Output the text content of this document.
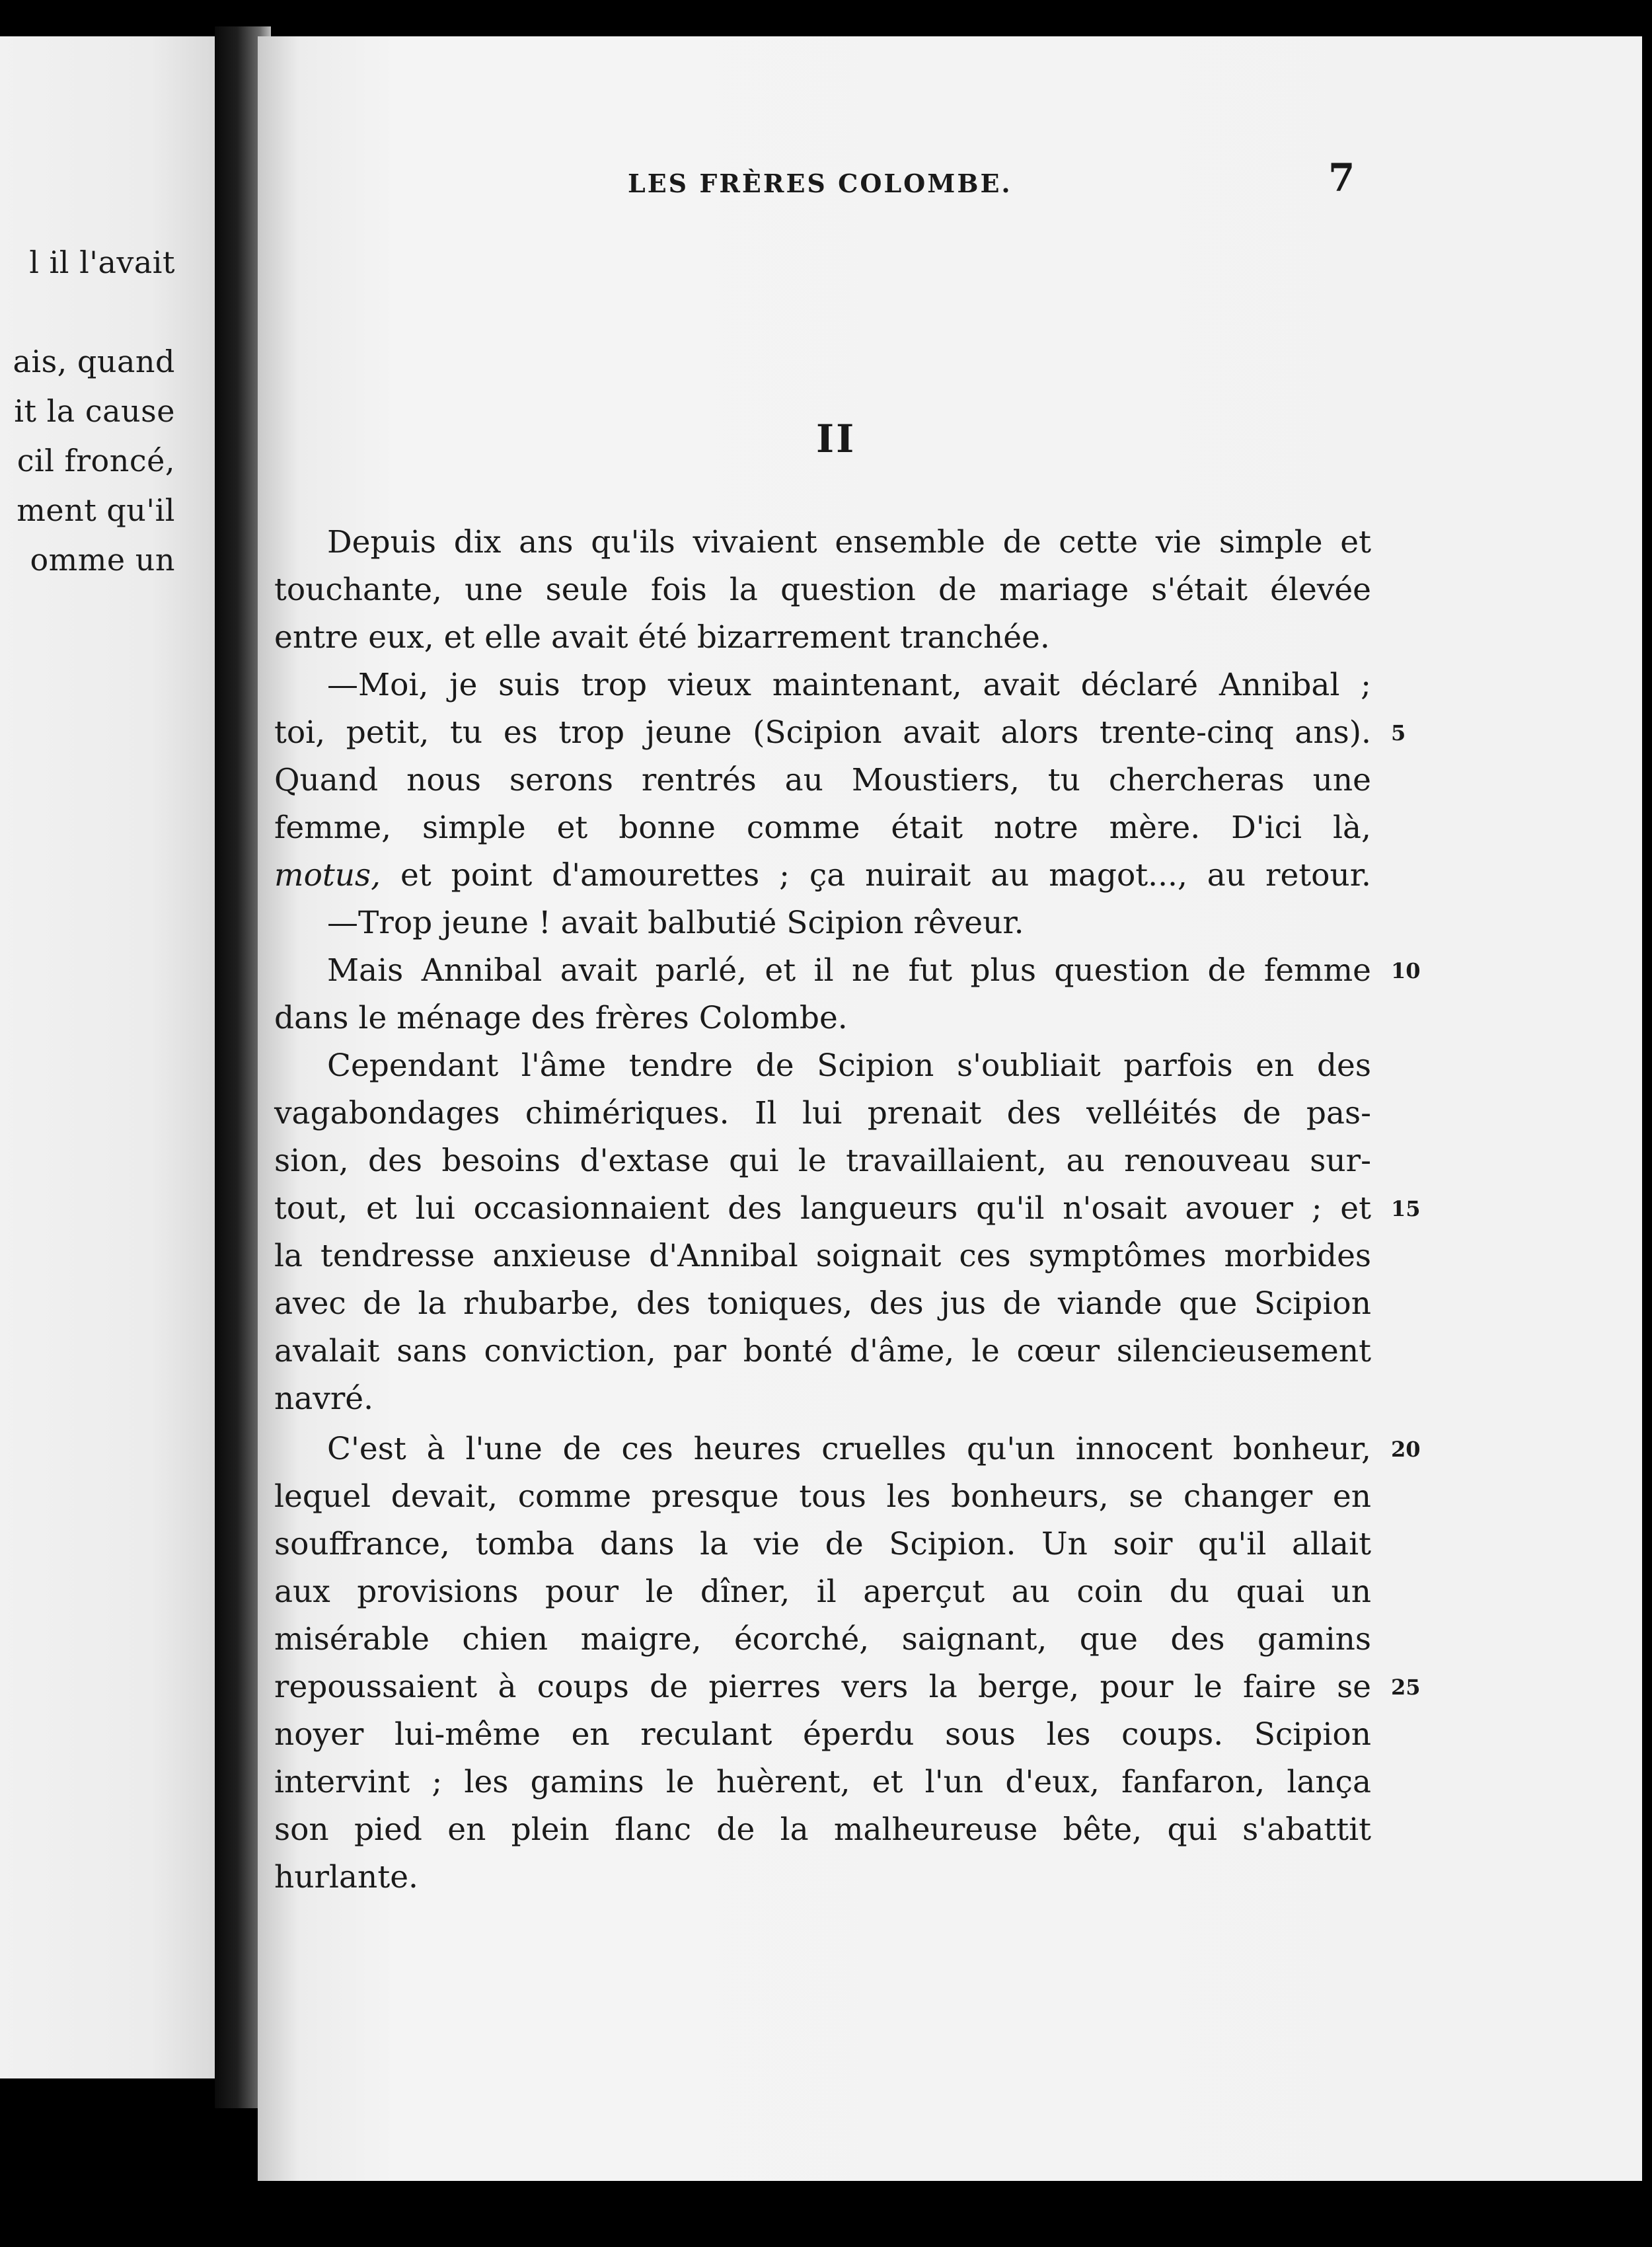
l il l'avait
ais, quand
it la cause
cil froncé,
ment qu'il
omme un
LES FRÈRES COLOMBE.	7
II
Depuis dix ans qu'ils vivaient ensemble de cette vie simple et
touchante, une seule fois la question de mariage s'était élevée
entre eux, et elle avait été bizarrement tranchée.
—Moi, je suis trop vieux maintenant, avait déclaré Annibal ;
toi, petit, tu es trop jeune (Scipion avait alors trente-cinq ans).
Quand nous serons rentrés au Moustiers, tu chercheras une
femme, simple et bonne comme était notre mère. D'ici là,
motus, et point d'amourettes ; ça nuirait au magot..., au retour.
—Trop jeune ! avait balbutié Scipion rêveur.
Mais Annibal avait parlé, et il ne fut plus question de femme
dans le ménage des frères Colombe.
Cependant l'âme tendre de Scipion s'oubliait parfois en des
vagabondages chimériques. Il lui prenait des velléités de pas-
sion, des besoins d'extase qui le travaillaient, au renouveau sur-
tout, et lui occasionnaient des langueurs qu'il n'osait avouer ; et
la tendresse anxieuse d'Annibal soignait ces symptômes morbides
avec de la rhubarbe, des toniques, des jus de viande que Scipion
avalait sans conviction, par bonté d'âme, le cœur silencieusement
navré.
C'est à l'une de ces heures cruelles qu'un innocent bonheur,
lequel devait, comme presque tous les bonheurs, se changer en
souffrance, tomba dans la vie de Scipion. Un soir qu'il allait
aux provisions pour le dîner, il aperçut au coin du quai un
misérable chien maigre, écorché, saignant, que des gamins
repoussaient à coups de pierres vers la berge, pour le faire se
noyer lui-même en reculant éperdu sous les coups. Scipion
intervint ; les gamins le huèrent, et l'un d'eux, fanfaron, lança
son pied en plein flanc de la malheureuse bête, qui s'abattit
hurlante.
5
10
15
20
25
